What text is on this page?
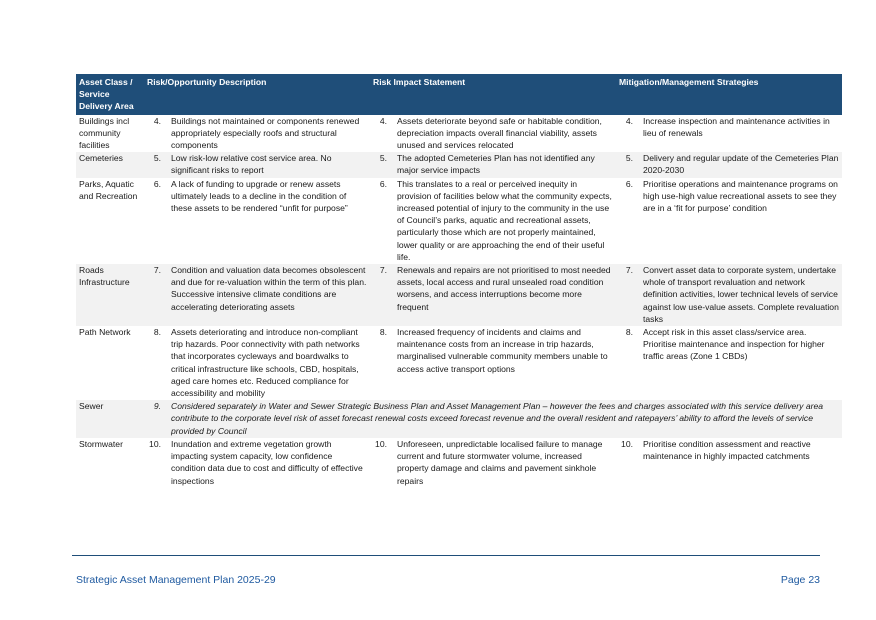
Asset Class / Service Delivery Area	Risk/Opportunity Description	Risk Impact Statement	Mitigation/Management Strategies
Buildings incl community facilities	4. Buildings not maintained or components renewed appropriately especially roofs and structural components	4. Assets deteriorate beyond safe or habitable condition, depreciation impacts overall financial viability, assets unused and services relocated	4. Increase inspection and maintenance activities in lieu of renewals

Cemeteries	5. Low risk-low relative cost service area. No significant risks to report	5. The adopted Cemeteries Plan has not identified any major service impacts	5. Delivery and regular update of the Cemeteries Plan 2020-2030

Parks, Aquatic and Recreation	6. A lack of funding to upgrade or renew assets ultimately leads to a decline in the condition of these assets to be rendered “unfit for purpose”	6. This translates to a real or perceived inequity in provision of facilities below what the community expects, increased potential of injury to the community in the use of Council’s parks, aquatic and recreational assets, particularly those which are not properly maintained, lower quality or are approaching the end of their useful life.	6. Prioritise operations and maintenance programs on high use-high value recreational assets to see they are in a ‘fit for purpose’ condition

Roads Infrastructure	7. Condition and valuation data becomes obsolescent and due for re-valuation within the term of this plan. Successive intensive climate conditions are accelerating deteriorating assets	7. Renewals and repairs are not prioritised to most needed assets, local access and rural unsealed road condition worsens, and access interruptions become more frequent	7. Convert asset data to corporate system, undertake whole of transport revaluation and network definition activities, lower technical levels of service against low use-value assets. Complete revaluation tasks

Path Network	8. Assets deteriorating and introduce non-compliant trip hazards. Poor connectivity with path networks that incorporates cycleways and boardwalks to critical infrastructure like schools, CBD, hospitals, aged care homes etc. Reduced compliance for accessibility and mobility	8. Increased frequency of incidents and claims and maintenance costs from an increase in trip hazards, marginalised vulnerable community members unable to access active transport options	8. Accept risk in this asset class/service area. Prioritise maintenance and inspection for higher traffic areas (Zone 1 CBDs)

Sewer	9. Considered separately in Water and Sewer Strategic Business Plan and Asset Management Plan – however the fees and charges associated with this service delivery area contribute to the corporate level risk of asset forecast renewal costs exceed forecast revenue and the overall resident and ratepayers’ ability to afford the levels of service provided by Council		

Stormwater	10. Inundation and extreme vegetation growth impacting system capacity, low confidence condition data due to cost and difficulty of effective inspections	10. Unforeseen, unpredictable localised failure to manage current and future stormwater volume, increased property damage and claims and pavement sinkhole repairs	10. Prioritise condition assessment and reactive maintenance in highly impacted catchments
Strategic Asset Management Plan 2025-29	Page 23
